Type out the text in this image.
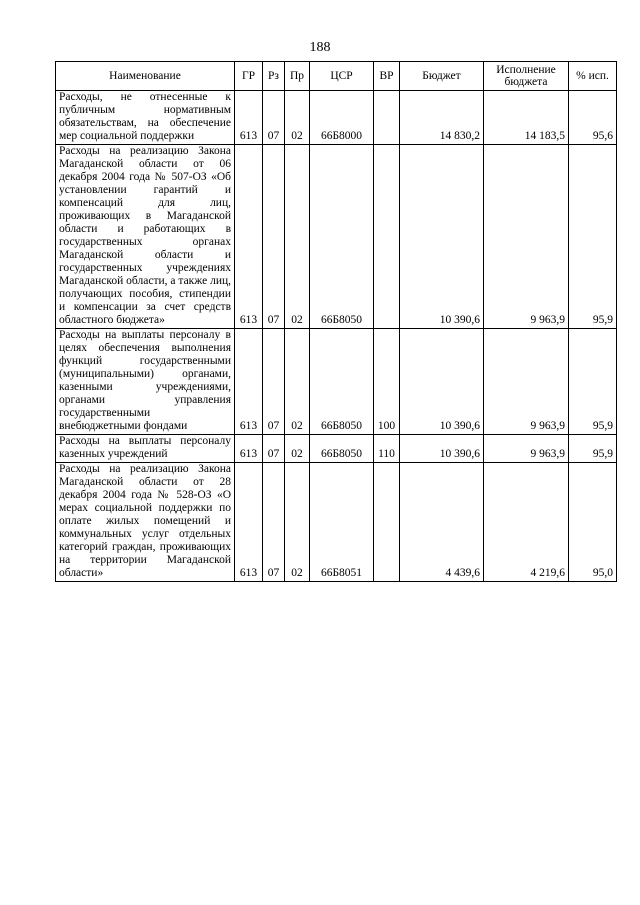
188
Наименование	ГР	Рз	Пр	ЦСР	ВР	Бюджет	Исполнение бюджета	% исп.
Расходы, не отнесенные к публичным нормативным обязательствам, на обеспечение мер социальной поддержки	613	07	02	66Б8000		14 830,2	14 183,5	95,6
Расходы на реализацию Закона Магаданской области от 06 декабря 2004 года № 507-ОЗ «Об установлении гарантий и компенсаций для лиц, проживающих в Магаданской области и работающих в государственных органах Магаданской области и государственных учреждениях Магаданской области, а также лиц, получающих пособия, стипендии и компенсации за счет средств областного бюджета»	613	07	02	66Б8050		10 390,6	9 963,9	95,9
Расходы на выплаты персоналу в целях обеспечения выполнения функций государственными (муниципальными) органами, казенными учреждениями, органами управления государственными внебюджетными фондами	613	07	02	66Б8050	100	10 390,6	9 963,9	95,9
Расходы на выплаты персоналу казенных учреждений	613	07	02	66Б8050	110	10 390,6	9 963,9	95,9
Расходы на реализацию Закона Магаданской области от 28 декабря 2004 года № 528-ОЗ «О мерах социальной поддержки по оплате жилых помещений и коммунальных услуг отдельных категорий граждан, проживающих на территории Магаданской области»	613	07	02	66Б8051		4 439,6	4 219,6	95,0
